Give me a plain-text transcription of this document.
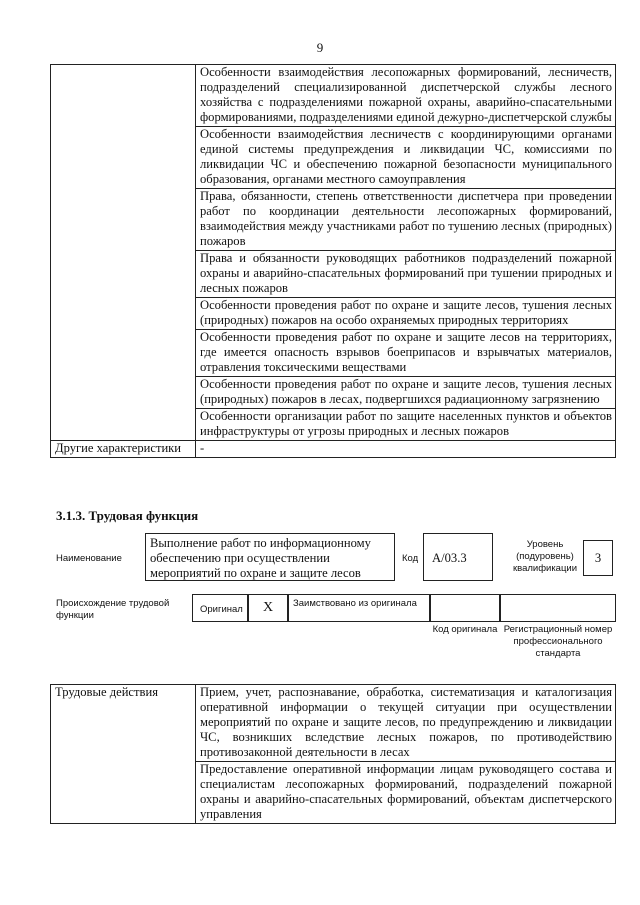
9
	Особенности взаимодействия лесопожарных формирований, лесничеств, подразделений специализированной диспетчерской службы лесного хозяйства с подразделениями пожарной охраны, аварийно-спасательными формированиями, подразделениями единой дежурно-диспетчерской службы
	Особенности взаимодействия лесничеств с координирующими органами единой системы предупреждения и ликвидации ЧС, комиссиями по ликвидации ЧС и обеспечению пожарной безопасности муниципального образования, органами местного самоуправления
	Права, обязанности, степень ответственности диспетчера при проведении работ по координации деятельности лесопожарных формирований, взаимодействия между участниками работ по тушению лесных (природных) пожаров
	Права и обязанности руководящих работников подразделений пожарной охраны и аварийно-спасательных формирований при тушении природных и лесных пожаров
	Особенности проведения работ по охране и защите лесов, тушения лесных (природных) пожаров на особо охраняемых природных территориях
	Особенности проведения работ по охране и защите лесов на территориях, где имеется опасность взрывов боеприпасов и взрывчатых материалов, отравления токсическими веществами
	Особенности проведения работ по охране и защите лесов, тушения лесных (природных) пожаров в лесах, подвергшихся радиационному загрязнению
	Особенности организации работ по защите населенных пунктов и объектов инфраструктуры от угрозы природных и лесных пожаров
Другие характеристики	-
3.1.3. Трудовая функция
Наименование
Выполнение работ по информационному обеспечению при осуществлении мероприятий по охране и защите лесов
Код	А/03.3
Уровень (подуровень) квалификации
3
Происхождение трудовой функции
Оригинал	Х	Заимствовано из оригинала
Код оригинала Регистрационный номер профессионального стандарта
Трудовые действия	Прием, учет, распознавание, обработка, систематизация и каталогизация оперативной информации о текущей ситуации при осуществлении мероприятий по охране и защите лесов, по предупреждению и ликвидации ЧС, возникших вследствие лесных пожаров, по противодействию противозаконной деятельности в лесах
Предоставление оперативной информации лицам руководящего состава и специалистам лесопожарных формирований, подразделений пожарной охраны и аварийно-спасательных формирований, объектам диспетчерского управления
